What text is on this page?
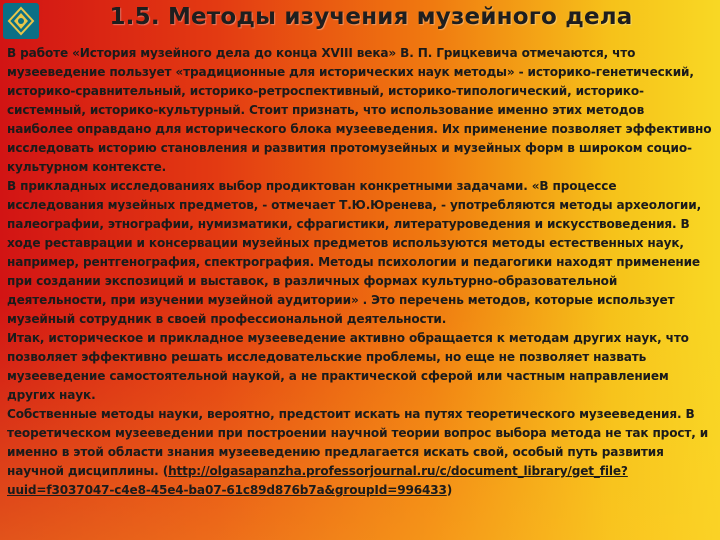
1.5. Методы изучения музейного дела

В работе «История музейного дела до конца XVIII века» В. П. Грицкевича отмечаются, что музееведение пользует «традиционные для исторических наук методы» - историко-генетический, историко-сравнительный, историко-ретроспективный, историко-типологический, историко-системный, историко-культурный. Стоит признать, что использование именно этих методов наиболее оправдано для исторического блока музееведения. Их применение позволяет эффективно исследовать историю становления и развития протомузейных и музейных форм в широком социо-культурном контексте.

В прикладных исследованиях выбор продиктован конкретными задачами. «В процессе исследования музейных предметов, - отмечает Т.Ю.Юренева, - употребляются методы археологии, палеографии, этнографии, нумизматики, сфрагистики, литературоведения и искусствоведения. В ходе реставрации и консервации музейных предметов используются методы естественных наук, например, рентгенография, спектрография. Методы психологии и педагогики находят применение при создании экспозиций и выставок, в различных формах культурно-образовательной деятельности, при изучении музейной аудитории» . Это перечень методов, которые использует музейный сотрудник в своей профессиональной деятельности.

Итак, историческое и прикладное музееведение активно обращается к методам других наук, что позволяет эффективно решать исследовательские проблемы, но еще не позволяет назвать музееведение самостоятельной наукой, а не практической сферой или частным направлением других наук.

Собственные методы науки, вероятно, предстоит искать на путях теоретического музееведения. В теоретическом музееведении при построении научной теории вопрос выбора метода не так прост, и именно в этой области знания музееведению предлагается искать свой, особый путь развития научной дисциплины. (http://olgasapanzha.professorjournal.ru/c/document_library/get_file?uuid=f3037047-c4e8-45e4-ba07-61c89d876b7a&groupId=996433)
